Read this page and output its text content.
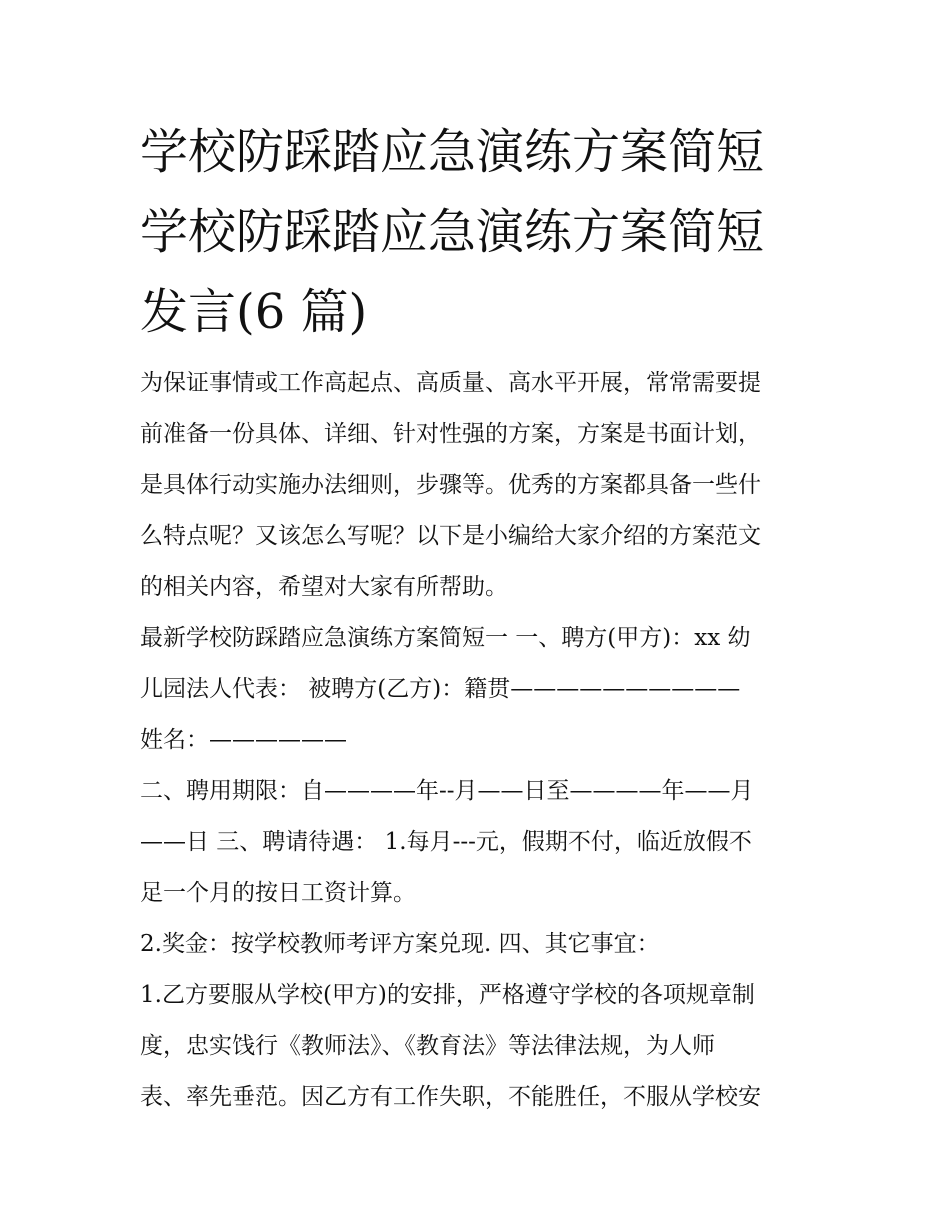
学校防踩踏应急演练方案简短
学校防踩踏应急演练方案简短
发言(6 篇)

为保证事情或工作高起点、高质量、高水平开展，常常需要提
前准备一份具体、详细、针对性强的方案，方案是书面计划，
是具体行动实施办法细则，步骤等。优秀的方案都具备一些什
么特点呢？又该怎么写呢？以下是小编给大家介绍的方案范文
的相关内容，希望对大家有所帮助。

最新学校防踩踏应急演练方案简短一 一、聘方(甲方)：xx 幼
儿园法人代表： 被聘方(乙方)：籍贯——————————
姓名：——————

二、聘用期限：自————年--月——日至————年——月
——日 三、聘请待遇： 1.每月---元，假期不付，临近放假不
足一个月的按日工资计算。

2.奖金：按学校教师考评方案兑现. 四、其它事宜：

1.乙方要服从学校(甲方)的安排，严格遵守学校的各项规章制
度，忠实饯行《教师法》、《教育法》等法律法规，为人师
表、率先垂范。因乙方有工作失职，不能胜任，不服从学校安
